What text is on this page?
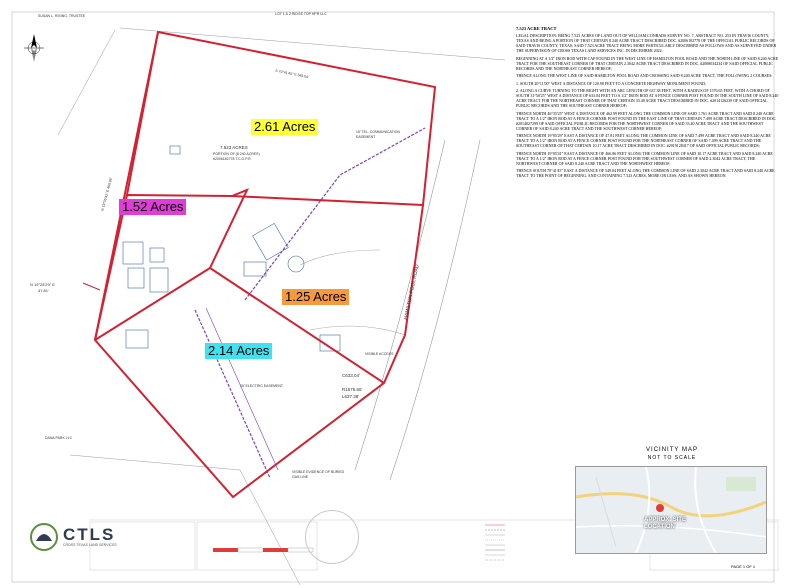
2.61 Acres
1.52 Acres
1.25 Acres
2.14 Acres
7.523 ACRES
PORTION OF (8.240 ACRES)
#2006182778 T.C.O.P.R.
SUSAN L. RISING, TRUSTEE	LOT 1 & 2 RIDGE TOP HPR LLC
DANA PARK LLC
S 70°41'45" E 549.04'
N 19°05'41" E 466.86'
N 19°28'29" E
47.81'
C633.04'
R1576.65'
L637.38'
HAMILTON POOL ROAD
15' ELECTRIC EASEMENT
15' TEL. COMMUNICATION EASEMENT
VISIBLE ACCESS
VISIBLE EVIDENCE OF BURIED GAS LINE
7.523 ACRE TRACT

LEGAL DESCRIPTION: BEING 7.523 ACRES OF LAND OUT OF WILLIAM CONRADS SURVEY NO. 7, ABSTRACT NO. 253 IN TRAVIS COUNTY, TEXAS AND BEING A PORTION OF THAT CERTAIN 8.240 ACRE TRACT DESCRIBED DOC. #2006182778 OF THE OFFICIAL PUBLIC RECORDS OF SAID TRAVIS COUNTY, TEXAS; SAID 7.523 ACRE TRACT BEING MORE PARTICULARLY DESCRIBED AS FOLLOWS AND AS SURVEYED UNDER THE SUPERVISION OF CROSS TEXAS LAND SERVICES INC. IN DECEMBER 2022:

BEGINNING AT A 1/2" IRON ROD WITH CAP FOUND IN THE WEST LINE OF HAMILTON POOL ROAD AND THE NORTH LINE OF SAID 8.240 ACRE TRACT FOR THE SOUTHEAST CORNER OF THAT CERTAIN 2.3042 ACRE TRACT DESCRIBED IN DOC. #2008034234 OF SAID OFFICIAL PUBLIC RECORDS AND THE NORTHEAST CORNER HEREOF;

THENCE ALONG THE WEST LINE OF SAID HAMILTON POOL ROAD AND CROSSING SAID 8.240 ACRE TRACT, THE FOLLOWING 2 COURSES:

1. SOUTH 20°11'00" WEST A DISTANCE OF 120.98 FEET TO A CONCRETE HIGHWAY MONUMENT FOUND;

2. ALONG A CURVE TURNING TO THE RIGHT WITH AN ARC LENGTH OF 637.38 FEET, WITH A RADIUS OF 1576.65 FEET, WITH A CHORD OF SOUTH 31°50'25" WEST A DISTANCE OF 633.04 FEET TO A 1/2" IRON ROD AT A FENCE CORNER POST FOUND IN THE SOUTH LINE OF SAID 8.240 ACRE TRACT FOR THE NORTHEAST CORNER OF THAT CERTAIN 33.40 ACRE TRACT DESCRIBED IN DOC. #2014126239 OF SAID OFFICIAL PUBLIC RECORDS AND THE SOUTHEAST CORNER HEREOF;

THENCE NORTH 46°35'25" WEST A DISTANCE OF 462.99 FEET ALONG THE COMMON LINE OF SAID 1.761 ACRE TRACT AND SAID 8.240 ACRE TRACT TO A 1/2" IRON ROD AT A FENCE CORNER POST FOUND IN THE EAST LINE OF THAT CERTAIN 7.499 ACRE TRACT DESCRIBED IN DOC. #2014027299 OF SAID OFFICIAL PUBLIC RECORDS FOR THE NORTHWEST CORNER OF SAID 33.40 ACRE TRACT AND THE SOUTHWEST CORNER OF SAID 8.240 ACRE TRACT AND THE SOUTHWEST CORNER HEREOF;

THENCE NORTH 19°05'29" EAST A DISTANCE OF 47.81 FEET ALONG THE COMMON LINE OF SAID 7.499 ACRE TRACT AND SAID 8.240 ACRE TRACT TO A 1/2" IRON ROD AT A FENCE CORNER POST FOUND FOR THE NORTHEAST CORNER OF SAID 7.499 ACRE TRACT AND THE SOUTHEAST CORNER OF THAT CERTAIN 10.17 ACRE TRACT DESCRIBED IN DOC. #2019128417 OF SAID OFFICIAL PUBLIC RECORDS;

THENCE NORTH 19°05'41" EAST A DISTANCE OF 466.86 FEET ALONG THE COMMON LINE OF SAID 10.17 ACRE TRACT AND SAID 8.240 ACRE TRACT TO A 1/2" IRON ROD AT A FENCE CORNER POST FOUND FOR THE SOUTHWEST CORNER OF SAID 2.3042 ACRE TRACT, THE NORTHWEST CORNER OF SAID 8.240 ACRE TRACT AND THE NORTHWEST HEREOF;

THENCE SOUTH 70°41'45" EAST A DISTANCE OF 549.04 FEET ALONG THE COMMON LINE OF SAID 2.3042 ACRE TRACT AND SAID 8.240 ACRE TRACT TO THE POINT OF BEGINNING, AND CONTAINING 7.523 ACRES, MORE OR LESS, AND AS SHOWN HEREON.

VICINITY MAP
NOT TO SCALE
APPROX. SITE
LOCATION
CTLS
CROSS TEXAS LAND SERVICES
PAGE 1 OF 1
